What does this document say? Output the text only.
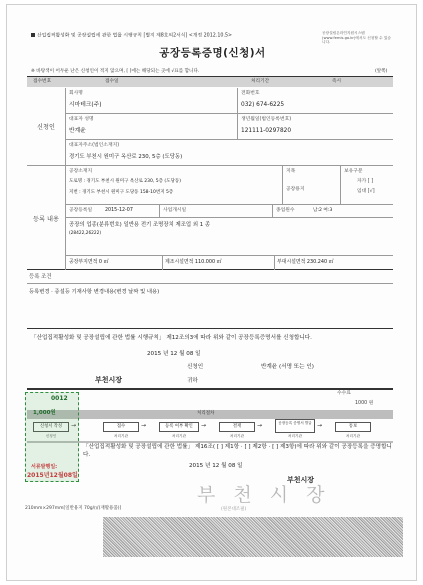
산업집적활성화 및 공장설립에 관한 법률 시행규칙 [별지 제8호의2서식] <개정 2012.10.5>
공장설립온라인지원시스템(www.femis.go.kr)에서도 신청할 수 있습니다.
공장등록증명(신청)서
※ 바탕색이 어두운 난은 신청인이 적지 않으며, [ ]에는 해당되는 곳에 √표를 합니다.	(앞쪽)
접수번호	접수일	처리기간	즉시
신청인
회사명
시마테크(주)
전화번호
032) 674-6225
대표자 성명
반계윤
생년월일(법인등록번호)
121111-0297820
대표자주소(법인소재지)
경기도 부천시 원미구 옥산로 230, 5층 (도당동)
등록 내용
공장소재지
도로명 : 경기도 부천시 원미구 옥산로 230, 5층 (도당동)
지번 : 경기도 부천시 원미구 도당동 158-10번지 5층
지목
공장용지
보유구분
자가 [ ]
임대 [√]
공장등록일	2015-12-07	사업개시일	종업원수	남:2 여:3
공장의 업종(분류번호) 일반용 전기 조명장치 제조업 외 1 종
(28422,26222)
공장부지면적 0 ㎡	제조시설면적 110.000 ㎡	부대시설면적 230.240 ㎡
등록 조건
등록변경 · 증설등 기재사항 변경내용(변경 날짜 및 내용)
「산업집적활성화 및 공장설립에 관한 법률 시행규칙」 제12조의3에 따라 위와 같이 공장등록증명서를 신청합니다.
2015 년 12 월 08 일
신청인	반계윤 (서명 또는 인)
부천시장	귀하
수수료
1000 원
처리절차
신청서 작성	→	접수	→	등록 여부 확인	→	결재	→	공장등록 증명서 발급 →	통보
신청인	처리기관	처리기관	처리기관	처리기관	처리기관
「산업집적활성화 및 공장설립에 관한 법률」 제16조( [ ] 제1항 · [ ] 제2항 · [ ] 제3항)에 따라 위와 같이 공장등록을 증명합니다.
2015 년 12 월 08 일
부천시장
0012
1,000원
서류발행일:
2015년12월08일
부 천 시 장
(원본대조필)
210mm×297mm[일반용지 70g/㎡(재활용품)]
